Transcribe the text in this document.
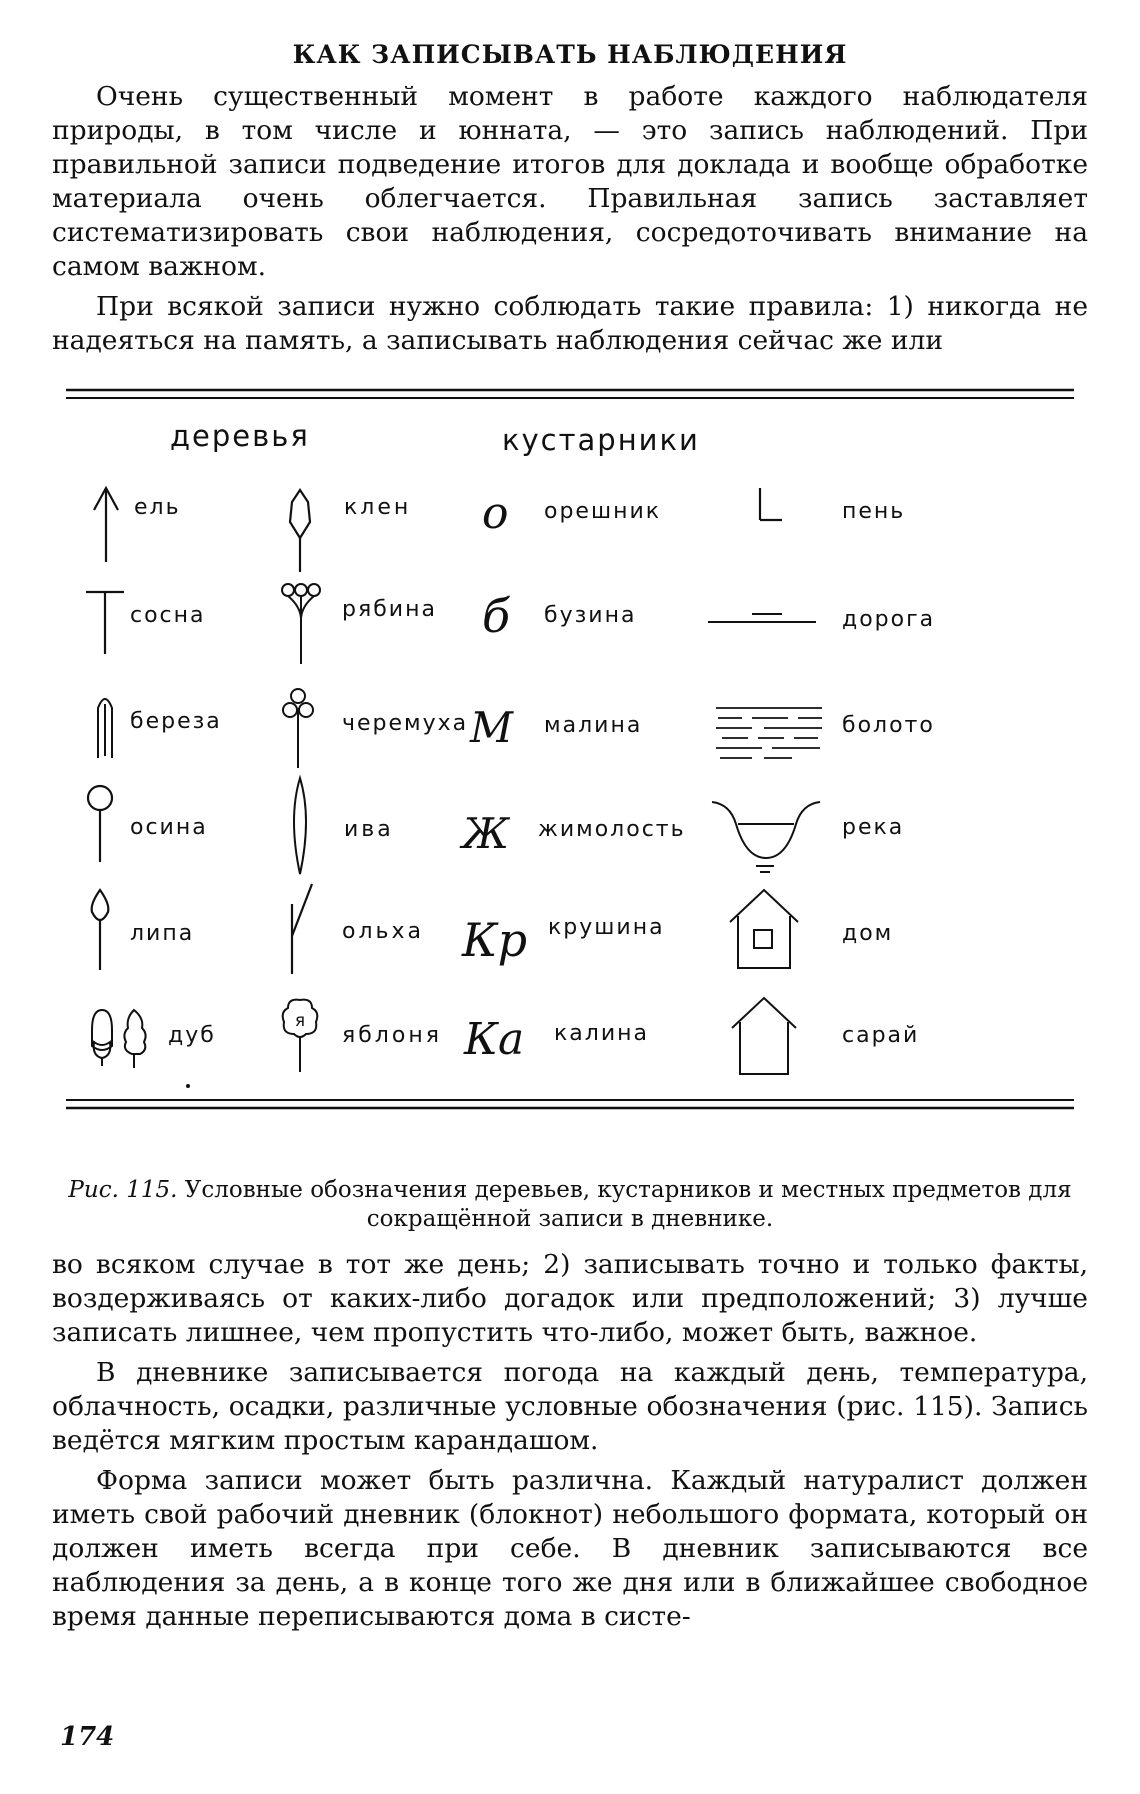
КАК ЗАПИСЫВАТЬ НАБЛЮДЕНИЯ

Очень существенный момент в работе каждого наблюдателя природы, в том числе и юнната, — это запись наблюдений. При правильной записи подведение итогов для доклада и вообще обработке материала очень облегчается. Правильная запись заставляет систематизировать свои наблюдения, сосредоточивать внимание на самом важном.

При всякой записи нужно соблюдать такие правила: 1) никогда не надеяться на память, а записывать наблюдения сейчас же или

деревья	кустарники
ель
сосна
береза
осина
липа
дуб
клен
рябина
черемуха
ива
ольха
я
яблоня
о
б
М
Ж
Кр
Ка
орешник
бузина
малина
жимолость
крушина
калина
пень
дорога
болото
река
дом
сарай
Рис. 115. Условные обозначения деревьев, кустарников и местных предметов для сокращённой записи в дневнике.

во всяком случае в тот же день; 2) записывать точно и только факты, воздерживаясь от каких-либо догадок или предположений; 3) лучше записать лишнее, чем пропустить что-либо, может быть, важное.

В дневнике записывается погода на каждый день, температура, облачность, осадки, различные условные обозначения (рис. 115). Запись ведётся мягким простым карандашом.

Форма записи может быть различна. Каждый натуралист должен иметь свой рабочий дневник (блокнот) небольшого формата, который он должен иметь всегда при себе. В дневник записываются все наблюдения за день, а в конце того же дня или в ближайшее свободное время данные переписываются дома в систе-

174
